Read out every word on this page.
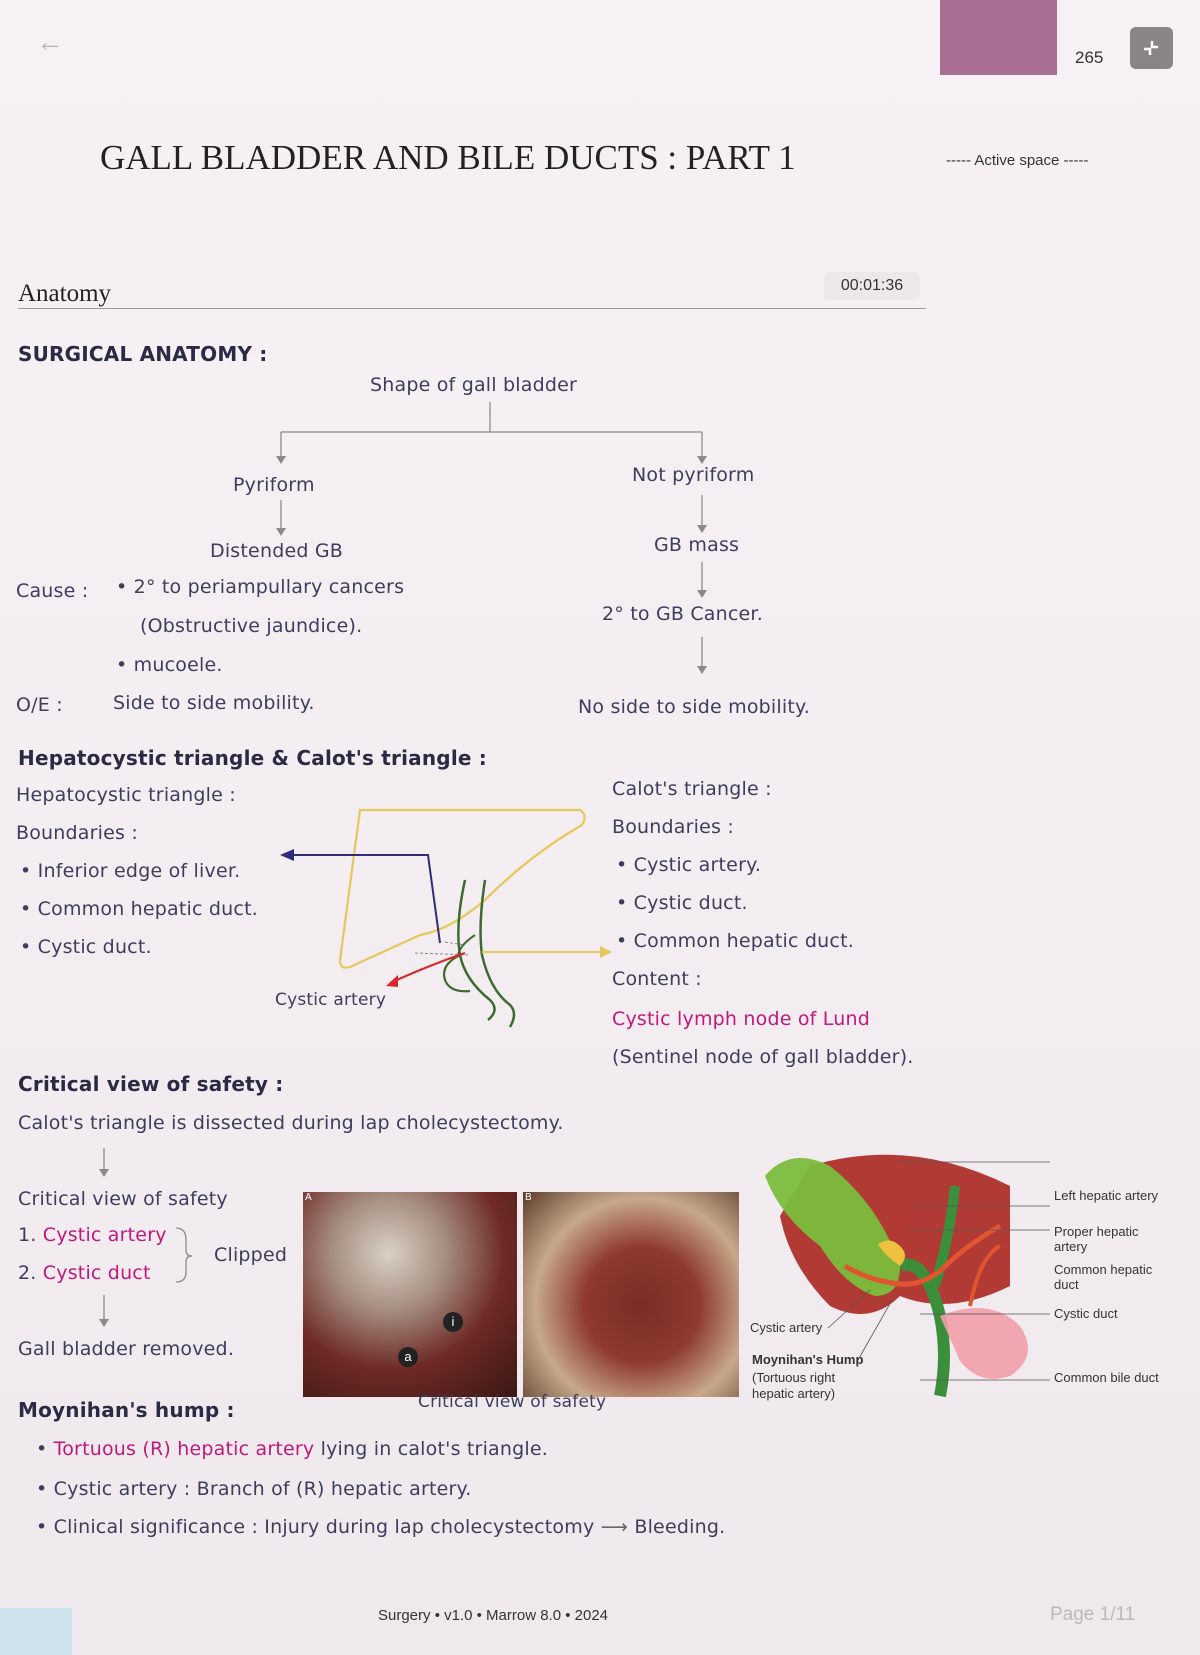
←
265
GALL BLADDER AND BILE DUCTS : PART 1	----- Active space -----
Anatomy	00:01:36
SURGICAL ANATOMY :
Shape of gall bladder
Pyriform
Distended GB
Not pyriform
GB mass
2° to GB Cancer.
Cause : • 2° to periampullary cancers
(Obstructive jaundice).
• mucoele.
O/E :	Side to side mobility.	No side to side mobility.
Hepatocystic triangle & Calot's triangle :
Hepatocystic triangle :
Boundaries :
• Inferior edge of liver.
• Common hepatic duct.
• Cystic duct.
Cystic artery
Calot's triangle :
Boundaries :
• Cystic artery.
• Cystic duct.
• Common hepatic duct.
Content :
Cystic lymph node of Lund
(Sentinel node of gall bladder).
Critical view of safety :
Calot's triangle is dissected during lap cholecystectomy.
Critical view of safety
1. Cystic artery
2. Cystic duct
Clipped
Gall bladder removed.	a
i
A	B
Critical view of safety
Left hepatic artery
Proper hepatic artery
Common hepatic duct
Cystic duct
Common bile duct
Cystic artery
Moynihan's Hump
(Tortuous right hepatic artery)
Moynihan's hump :
• Tortuous (R) hepatic artery lying in calot's triangle.
• Cystic artery : Branch of (R) hepatic artery.
• Clinical significance : Injury during lap cholecystectomy ⟶ Bleeding.
Surgery • v1.0 • Marrow 8.0 • 2024	Page 1/11
